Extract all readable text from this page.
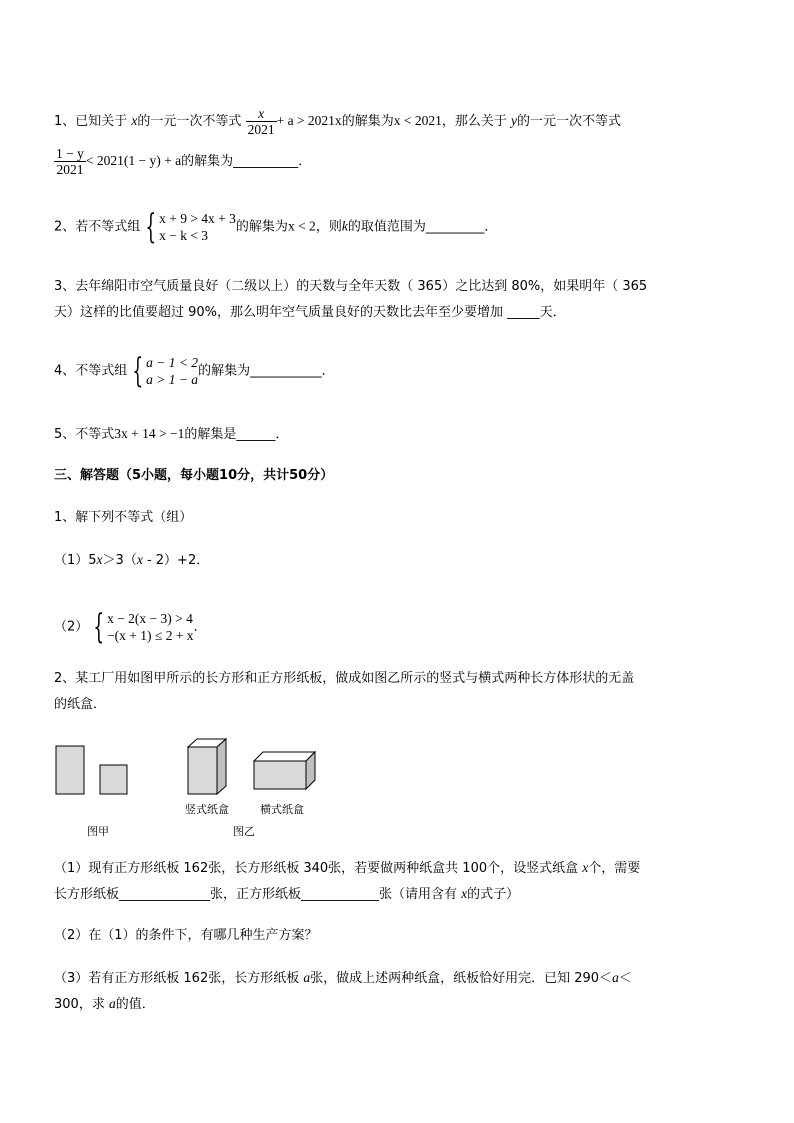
1、已知关于 x的一元一次不等式 $\frac{x}{2021} + a > 2021x$的解集为x < 2021，那么关于 y的一元一次不等式
$\frac{1 - y}{2021} < 2021(1 - y) + a$的解集为__________．
2、若不等式组 { x + 9 > 4x + 3
x − k < 3
的解集为x < 2，则k的取值范围为_________．
3、去年绵阳市空气质量良好（二级以上）的天数与全年天数（ 365）之比达到 80%，如果明年（ 365
天）这样的比值要超过 90%，那么明年空气质量良好的天数比去年至少要增加 _____天．
4、不等式组 { a − 1 < 2
a > 1 − a
的解集为___________．
5、不等式3x + 14 > −1的解集是______．
三、解答题（5小题，每小题10分，共计50分）
1、解下列不等式（组）
（1）5x＞3（x - 2）+2．
（2） { x − 2(x − 3) > 4
−(x + 1) ≤ 2 + x
．
2、某工厂用如图甲所示的长方形和正方形纸板，做成如图乙所示的竖式与横式两种长方体形状的无盖
的纸盒．
竖式纸盒	横式纸盒
图甲	图乙
（1）现有正方形纸板 162张，长方形纸板 340张，若要做两种纸盒共 100个，设竖式纸盒 x个，需要
长方形纸板______________张，正方形纸板____________张（请用含有 x的式子）
（2）在（1）的条件下，有哪几种生产方案？
（3）若有正方形纸板 162张，长方形纸板 a张，做成上述两种纸盒，纸板恰好用完．已知 290＜a＜
300，求 a的值．
